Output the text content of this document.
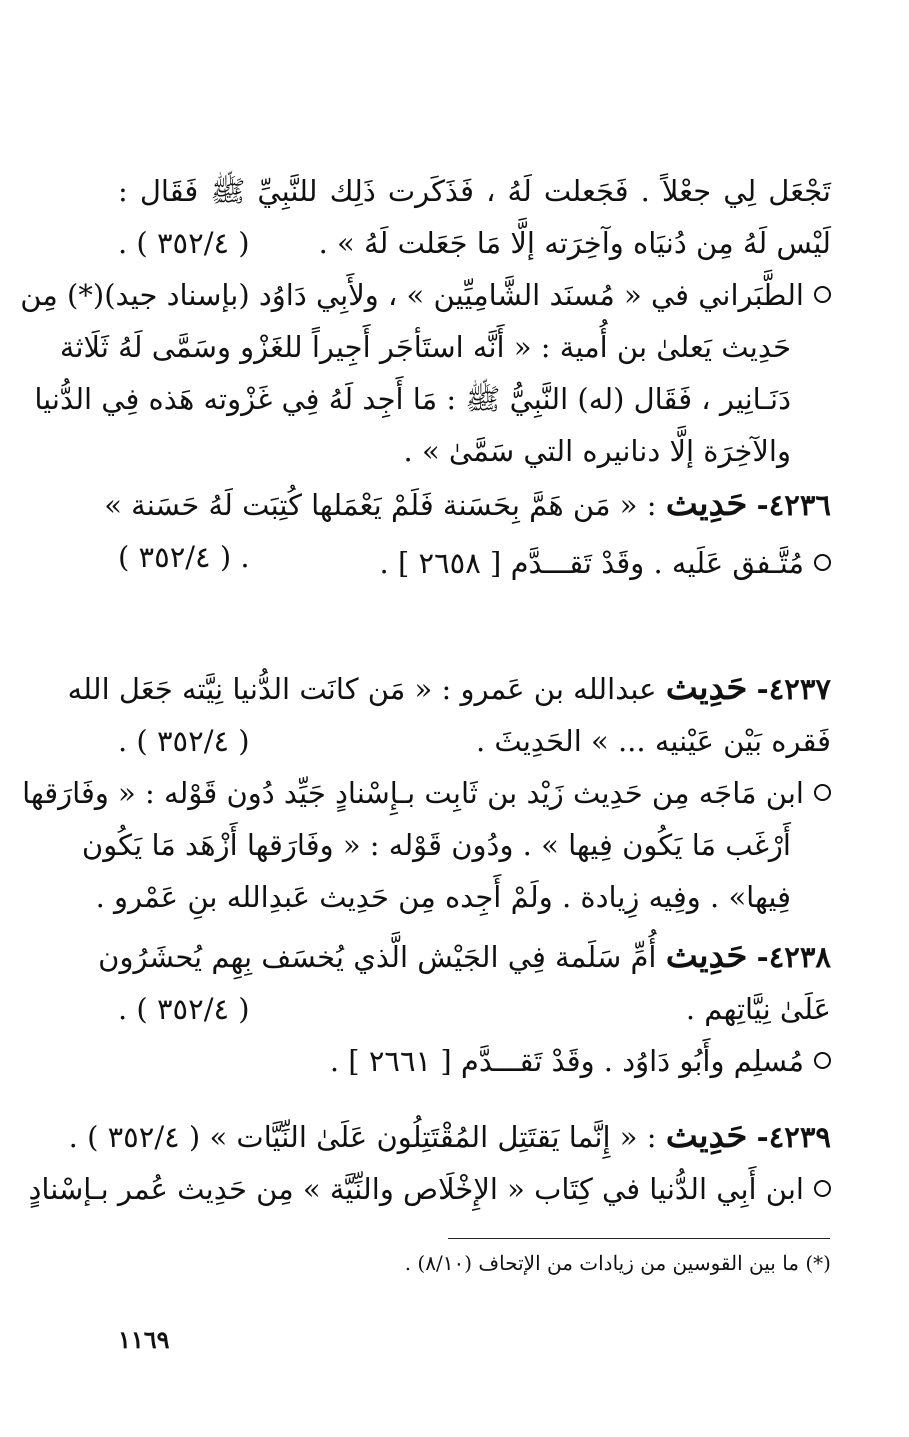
تَجْعَل لِي جعْلاً . فَجَعلت لَهُ ، فَذَكَرت ذَلِك للنَّبِيِّ ﷺ فَقَال :
لَيْس لَهُ مِن دُنيَاه وآخِرَته إلَّا مَا جَعَلت لَهُ » .
( ٣٥٢/٤ ) .
الطَّبَراني في « مُسنَد الشَّامِيِّين » ، ولأَبِي دَاوُد (بإسناد جيد)(*) مِن
حَدِيث يَعلىٰ بن أُمية : « أَنَّه استَأجَر أَجِيراً للغَزْو وسَمَّى لَهُ ثَلَاثة
دَنَـانِير ، فَقَال (له) النَّبِيُّ ﷺ : مَا أَجِد لَهُ فِي غَزْوته هَذه فِي الدُّنيا
والآخِرَة إلَّا دنانيره التي سَمَّىٰ » .
٤٢٣٦- حَدِيث : « مَن هَمَّ بِحَسَنة فَلَمْ يَعْمَلها كُتِبَت لَهُ حَسَنة »
. ( ٣٥٢/٤ )	مُتَّـفق عَلَيه . وقَدْ تَقـــدَّم [ ٢٦٥٨ ] .
٤٢٣٧- حَدِيث عبدالله بن عَمرو : « مَن كانَت الدُّنيا نِيَّته جَعَل الله
فَقره بَيْن عَيْنيه ... » الحَدِيثَ .
( ٣٥٢/٤ ) .
ابن مَاجَه مِن حَدِيث زَيْد بن ثَابِت بـإِسْنادٍ جَيِّد دُون قَوْله : « وفَارَقها
أَرْغَب مَا يَكُون فِيها » . ودُون قَوْله : « وفَارَقها أَزْهَد مَا يَكُون
فِيها» . وفِيه زِيادة . ولَمْ أَجِده مِن حَدِيث عَبدِالله بنِ عَمْرو .
٤٢٣٨- حَدِيث أُمِّ سَلَمة فِي الجَيْش الَّذي يُخسَف بِهِم يُحشَرُون
عَلَىٰ نِيَّاتِهم .
( ٣٥٢/٤ ) .
مُسلِم وأَبُو دَاوُد . وقَدْ تَقـــدَّم [ ٢٦٦١ ] .
٤٢٣٩- حَدِيث : « إِنَّما يَقتَتِل المُقْتَتِلُون عَلَىٰ النِّيَّات » ( ٣٥٢/٤ ) .
ابن أَبِي الدُّنيا في كِتَاب « الإِخْلَاص والنِّيَّة » مِن حَدِيث عُمر بـإسْنادٍ
(*) ما بين القوسين من زيادات من الإتحاف (٨/١٠) .
١١٦٩
